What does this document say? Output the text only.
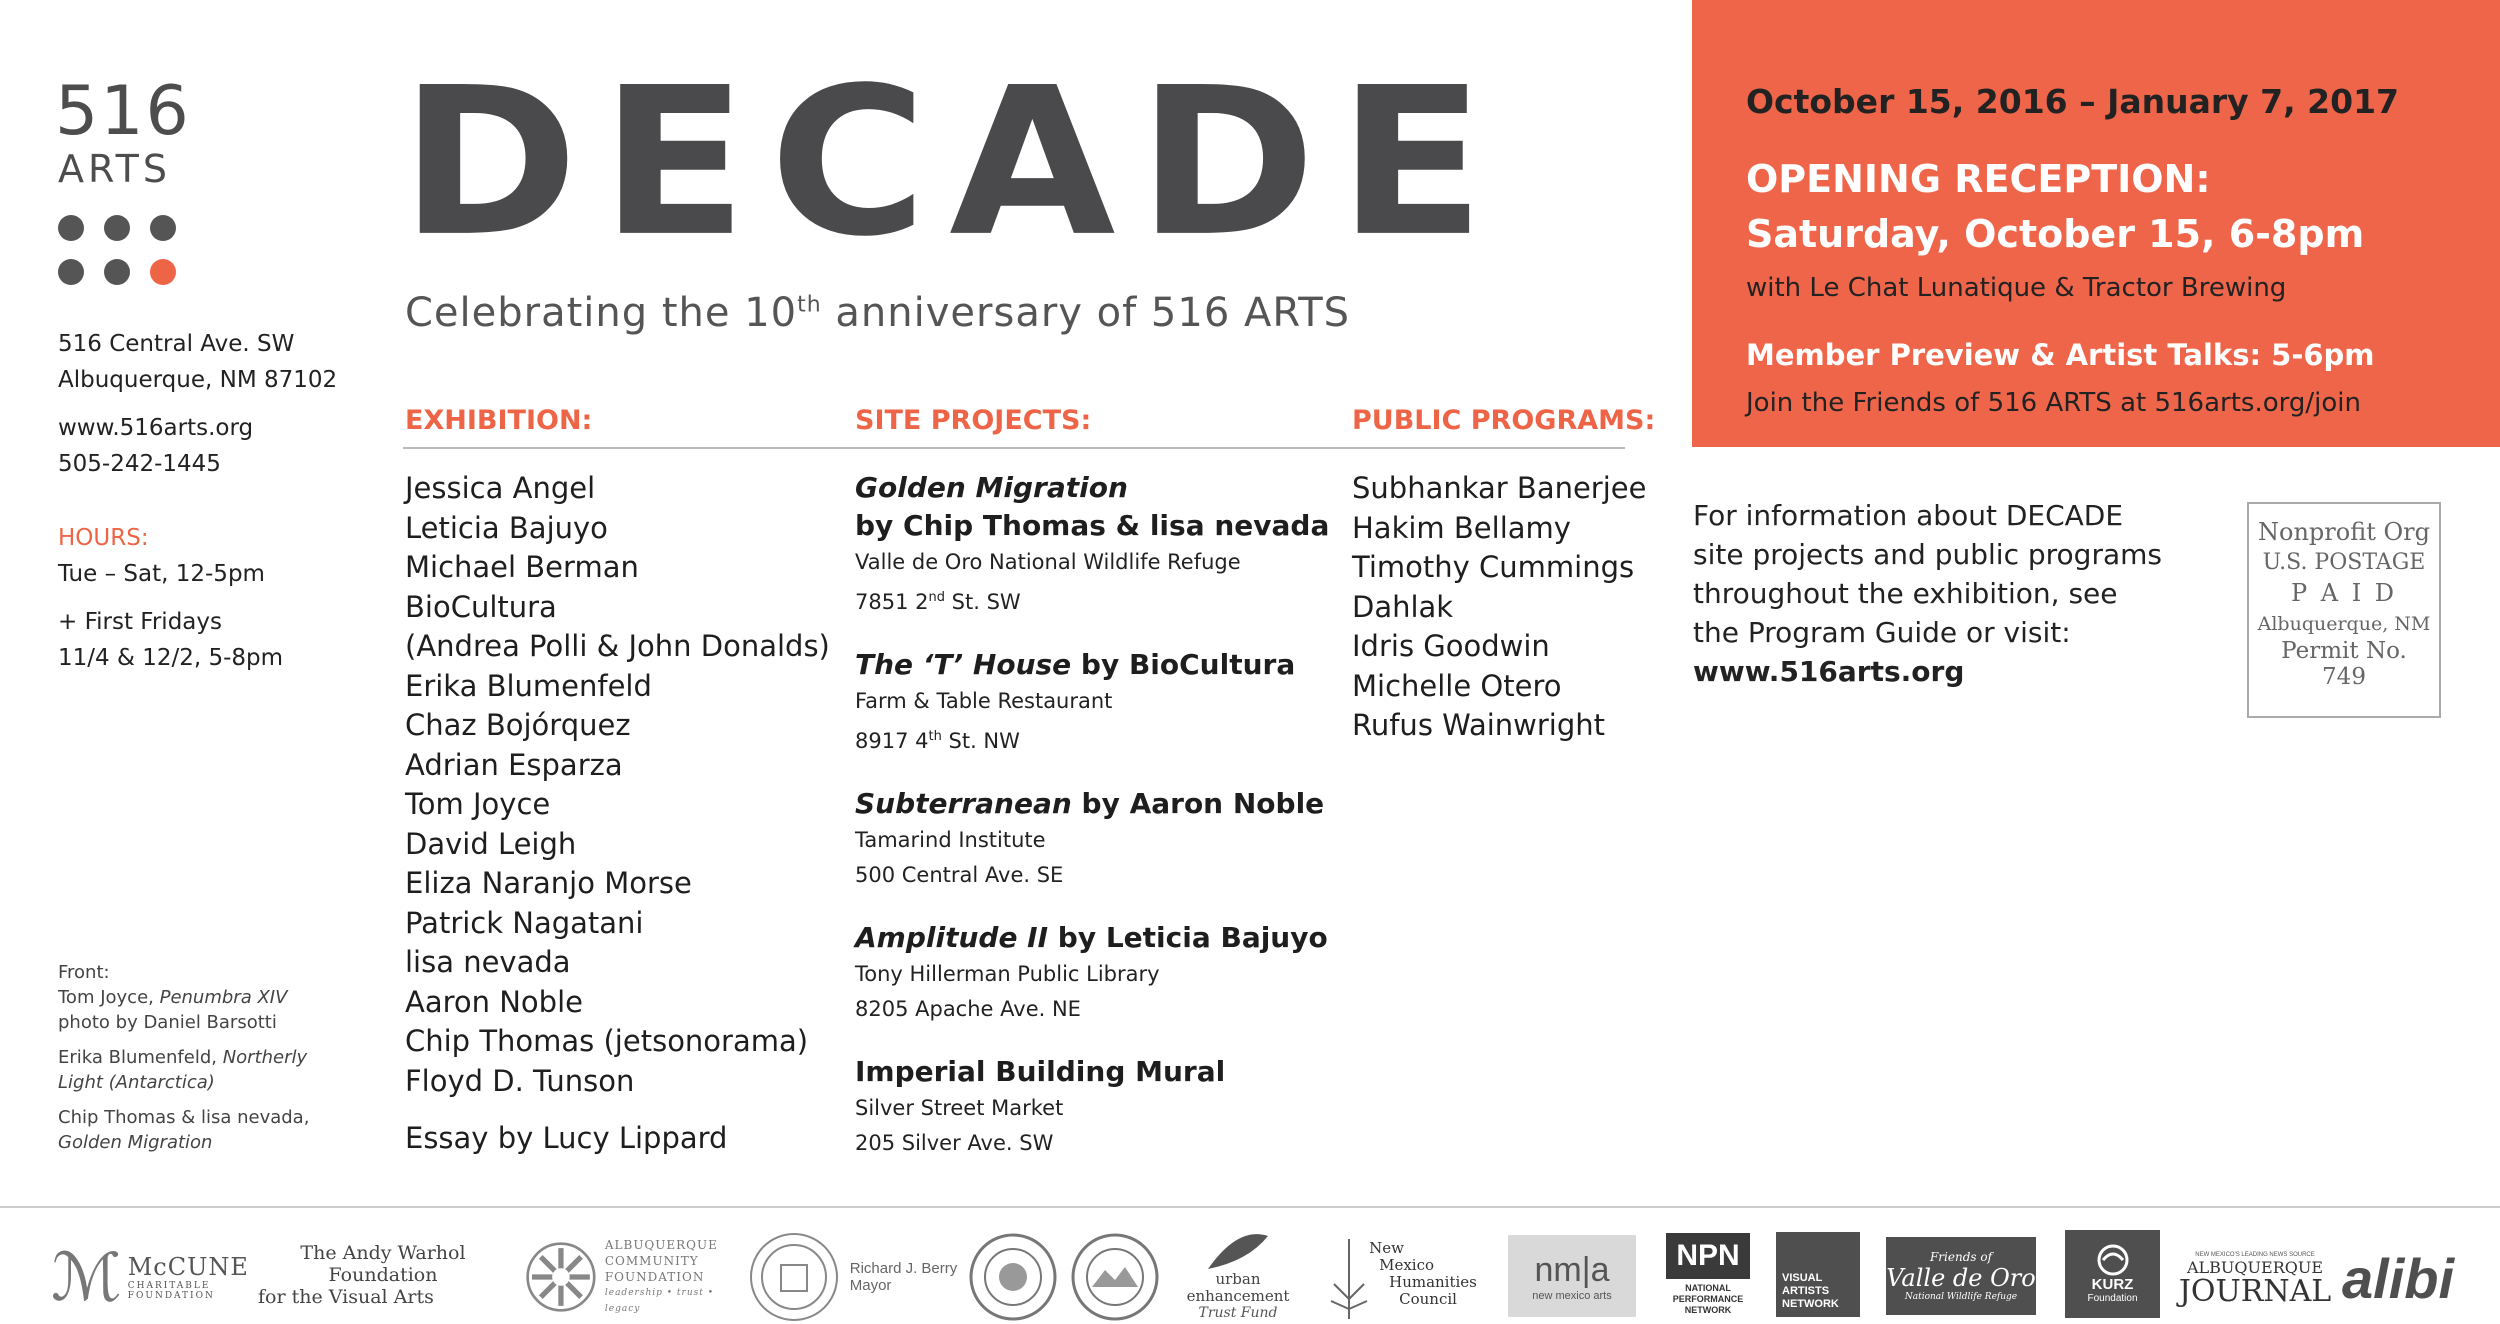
516
ARTS
516 Central Ave. SW
Albuquerque, NM 87102
www.516arts.org
505-242-1445
HOURS:
Tue – Sat, 12-5pm
+ First Fridays
11/4 & 12/2, 5-8pm
Front:
Tom Joyce, Penumbra XIV
photo by Daniel Barsotti
Erika Blumenfeld, Northerly
Light (Antarctica)
Chip Thomas & lisa nevada,
Golden Migration
DECADE
Celebrating the 10th anniversary of 516 ARTS
EXHIBITION:	SITE PROJECTS:	PUBLIC PROGRAMS:
Jessica Angel
Leticia Bajuyo
Michael Berman
BioCultura
(Andrea Polli & John Donalds)
Erika Blumenfeld
Chaz Bojórquez
Adrian Esparza
Tom Joyce
David Leigh
Eliza Naranjo Morse
Patrick Nagatani
lisa nevada
Aaron Noble
Chip Thomas (jetsonorama)
Floyd D. Tunson
Essay by Lucy Lippard
Golden Migration
by Chip Thomas & lisa nevada
Valle de Oro National Wildlife Refuge
7851 2nd St. SW
The ‘T’ House by BioCultura
Farm & Table Restaurant
8917 4th St. NW
Subterranean by Aaron Noble
Tamarind Institute
500 Central Ave. SE
Amplitude II by Leticia Bajuyo
Tony Hillerman Public Library
8205 Apache Ave. NE
Imperial Building Mural
Silver Street Market
205 Silver Ave. SW
Subhankar Banerjee
Hakim Bellamy
Timothy Cummings
Dahlak
Idris Goodwin
Michelle Otero
Rufus Wainwright
October 15, 2016 – January 7, 2017
OPENING RECEPTION:
Saturday, October 15, 6-8pm
with Le Chat Lunatique & Tractor Brewing
Member Preview & Artist Talks: 5-6pm
Join the Friends of 516 ARTS at 516arts.org/join
For information about DECADE
site projects and public programs
throughout the exhibition, see
the Program Guide or visit:
www.516arts.org
Nonprofit Org
U.S. POSTAGE
P A I D
Albuquerque, NM
Permit No.
749
ℳ McCUNE
CHARITABLE FOUNDATION
The Andy Warhol Foundation
for the Visual Arts
ALBUQUERQUE
COMMUNITY
FOUNDATION
leadership • trust • legacy
Richard J. Berry
Mayor	urban enhancement
Trust Fund
New
Mexico
Humanities
Council
nm|a
new mexico arts
NPN
NATIONAL
PERFORMANCE
NETWORK
VISUAL
ARTISTS
NETWORK
Friends of
Valle de Oro
National Wildlife Refuge
KURZ
Foundation
NEW MEXICO'S LEADING NEWS SOURCE
ALBUQUERQUE
JOURNAL alibi
